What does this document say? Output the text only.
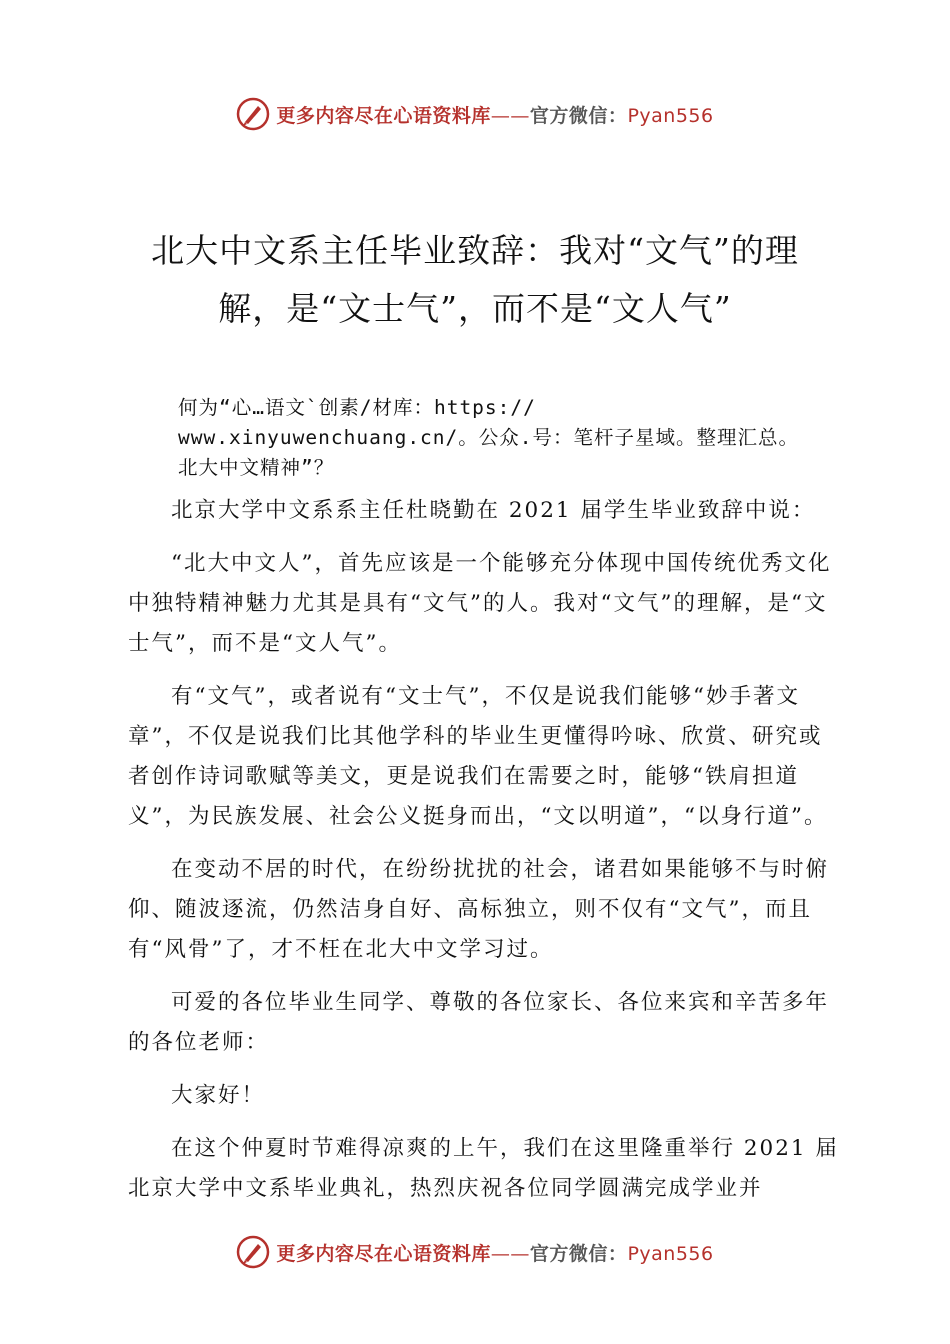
更多内容尽在心语资料库——官方微信：Pyan556
北大中文系主任毕业致辞：我对“文气”的理
解，是“文士气”，而不是“文人气”

何为“心…语文`创素/材库：https://
www.xinyuwenchuang.cn/。公众.号：笔杆子星域。整理汇总。
北大中文精神”？

北京大学中文系系主任杜晓勤在 2021 届学生毕业致辞中说：

“北大中文人”，首先应该是一个能够充分体现中国传统优秀文化中独特精神魅力尤其是具有“文气”的人。我对“文气”的理解，是“文士气”，而不是“文人气”。

有“文气”，或者说有“文士气”，不仅是说我们能够“妙手著文章”，不仅是说我们比其他学科的毕业生更懂得吟咏、欣赏、研究或者创作诗词歌赋等美文，更是说我们在需要之时，能够“铁肩担道义”，为民族发展、社会公义挺身而出，“文以明道”，“以身行道”。

在变动不居的时代，在纷纷扰扰的社会，诸君如果能够不与时俯仰、随波逐流，仍然洁身自好、高标独立，则不仅有“文气”，而且有“风骨”了，才不枉在北大中文学习过。

可爱的各位毕业生同学、尊敬的各位家长、各位来宾和辛苦多年的各位老师：

大家好！

在这个仲夏时节难得凉爽的上午，我们在这里隆重举行 2021 届北京大学中文系毕业典礼，热烈庆祝各位同学圆满完成学业并

更多内容尽在心语资料库——官方微信：Pyan556
